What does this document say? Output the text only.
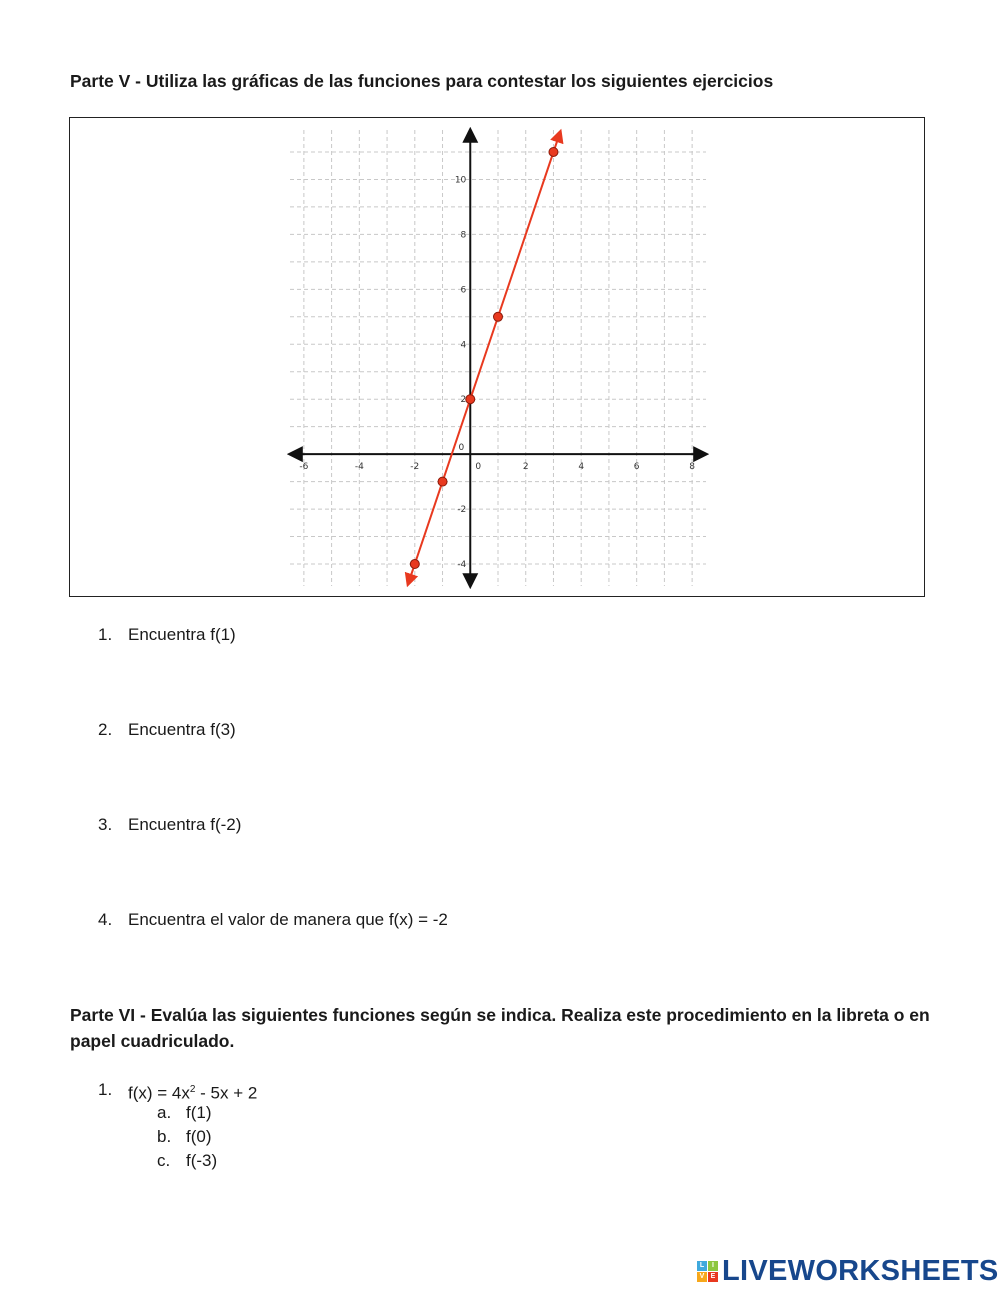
Parte V - Utiliza las gráficas de las funciones para contestar los siguientes ejercicios
-6	-4	-2	0	2	4	6	8
-4
-2
0
2
4
6
8
10
1. Encuentra f(1)
2. Encuentra f(3)
3. Encuentra f(-2)
4. Encuentra el valor de manera que f(x) = -2
Parte VI - Evalúa las siguientes funciones según se indica. Realiza este procedimiento en la libreta o en papel cuadriculado.
1. $f(x) = 4x^2 - 5x + 2$
a. f(1)
b. f(0)
c. f(-3)
L	I
V E LIVEWORKSHEETS
